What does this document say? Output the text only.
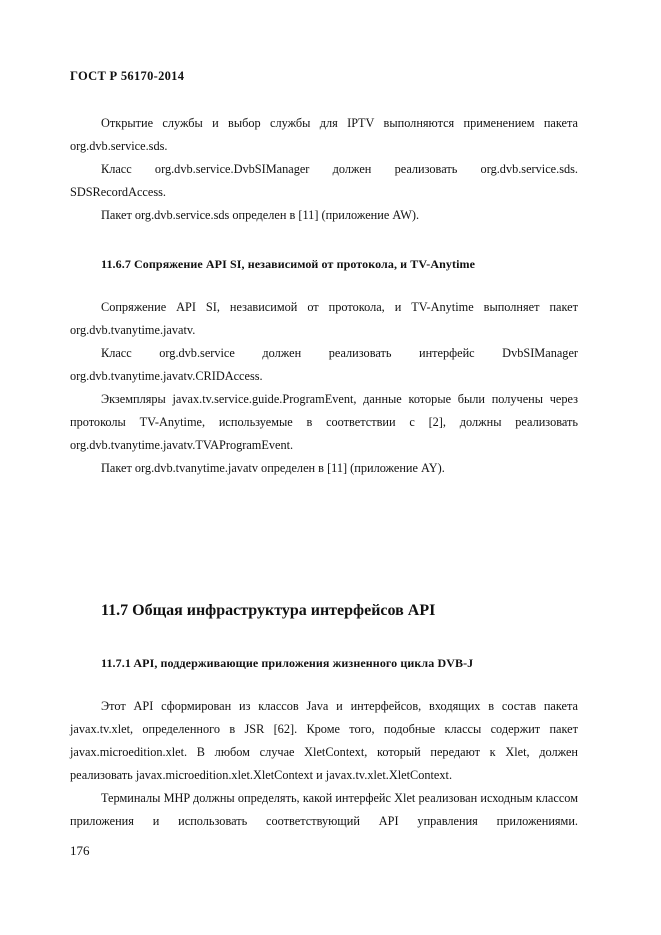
ГОСТ Р 56170-2014

Открытие службы и выбор службы для IPTV выполняются применением пакета org.dvb.service.sds.

Класс org.dvb.service.DvbSIManager должен реализовать org.dvb.service.sds. SDSRecordAccess.

Пакет org.dvb.service.sds определен в [11] (приложение AW).

11.6.7 Сопряжение API SI, независимой от протокола, и TV-Anytime

Сопряжение API SI, независимой от протокола, и TV-Anytime выполняет пакет org.dvb.tvanytime.javatv.

Класс org.dvb.service должен реализовать интерфейс DvbSIManager org.dvb.tvanytime.javatv.CRIDAccess.

Экземпляры javax.tv.service.guide.ProgramEvent, данные которые были получены через протоколы TV-Anytime, используемые в соответствии с [2], должны реализовать org.dvb.tvanytime.javatv.TVAProgramEvent.

Пакет org.dvb.tvanytime.javatv определен в [11] (приложение AY).

11.7 Общая инфраструктура интерфейсов API
11.7.1 API, поддерживающие приложения жизненного цикла DVB-J

Этот API сформирован из классов Java и интерфейсов, входящих в состав пакета javax.tv.xlet, определенного в JSR [62]. Кроме того, подобные классы содержит пакет javax.microedition.xlet. В любом случае XletContext, который передают к Xlet, должен реализовать javax.microedition.xlet.XletContext и javax.tv.xlet.XletContext.

Терминалы MHP должны определять, какой интерфейс Xlet реализован исходным классом приложения и использовать соответствующий API управления приложениями.

176
